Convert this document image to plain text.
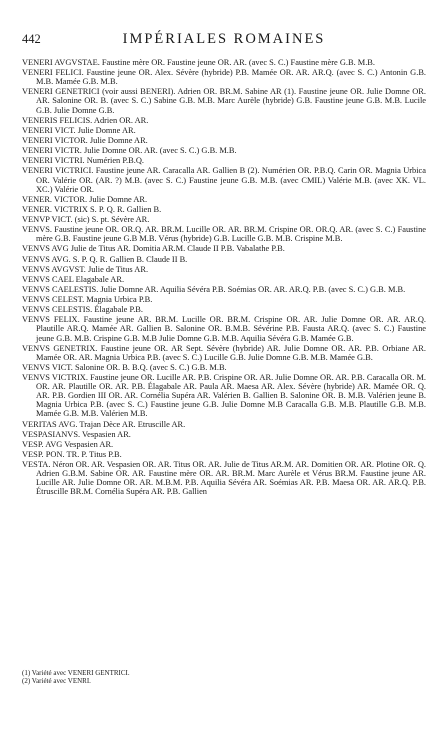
442	IMPÉRIALES ROMAINES

VENERI AVGVSTAE. Faustine mère OR. Faustine jeune OR. AR. (avec S. C.) Faustine mère G.B. M.B.

VENERI FELICI. Faustine jeune OR. Alex. Sévère (hybride) P.B. Mamée OR. AR. AR.Q. (avec S. C.) Antonin G.B. M.B. Mamée G.B. M.B.

VENERI GENETRICI (voir aussi BENERI). Adrien OR. BR.M. Sabine AR (1). Faustine jeune OR. Julie Domne OR. AR. Salonine OR. B. (avec S. C.) Sabine G.B. M.B. Marc Aurèle (hybride) G.B. Faustine jeune G.B. M.B. Lucile G.B. Julie Domne G.B.

VENERIS FELICIS. Adrien OR. AR.

VENERI VICT. Julie Domne AR.

VENERI VICTOR. Julie Domne AR.

VENERI VICTR. Julie Domne OR. AR. (avec S. C.) G.B. M.B.

VENERI VICTRI. Numérien P.B.Q.

VENERI VICTRICI. Faustine jeune AR. Caracalla AR. Gallien B (2). Numérien OR. P.B.Q. Carin OR. Magnia Urbica OR. Valérie OR. (AR. ?) M.B. (avec S. C.) Faustine jeune G.B. M.B. (avec CMIL) Valérie M.B. (avec XK. VL. XC.) Valérie OR.

VENER. VICTOR. Julie Domne AR.

VENER. VICTRIX S. P. Q. R. Gallien B.

VENVP VICT. (sic) S. pt. Sévère AR.

VENVS. Faustine jeune OR. OR.Q. AR. BR.M. Lucille OR. AR. BR.M. Crispine OR. OR.Q. AR. (avec S. C.) Faustine mère G.B. Faustine jeune G.B M.B. Vérus (hybride) G.B. Lucille G.B. M.B. Crispine M.B.

VENVS AVG Julie de Titus AR. Domitia AR.M. Claude II P.B. Vabalathe P.B.

VENVS AVG. S. P. Q. R. Gallien B. Claude II B.

VENVS AVGVST. Julie de Titus AR.

VENVS CAEL Elagabale AR.

VENVS CAELESTIS. Julie Domne AR. Aquilia Sévéra P.B. Soémias OR. AR. AR.Q. P.B. (avec S. C.) G.B. M.B.

VENVS CELEST. Magnia Urbica P.B.

VENVS CELESTIS. Élagabale P.B.

VENVS FELIX. Faustine jeune AR. BR.M. Lucille OR. BR.M. Crispine OR. AR. Julie Domne OR. AR. AR.Q. Plautille AR.Q. Mamée AR. Gallien B. Salonine OR. B.M.B. Sévérine P.B. Fausta AR.Q. (avec S. C.) Faustine jeune G.B. M.B. Crispine G.B. M.B Julie Domne G.B. M.B. Aquilia Sévéra G.B. Mamée G.B.

VENVS GENETRIX. Faustine jeune OR. AR Sept. Sévère (hybride) AR. Julie Domne OR. AR. P.B. Orbiane AR. Mamée OR. AR. Magnia Urbica P.B. (avec S. C.) Lucille G.B. Julie Domne G.B. M.B. Mamée G.B.

VENVS VICT. Salonine OR. B. B.Q. (avec S. C.) G.B. M.B.

VENVS VICTRIX. Faustine jeune OR. Lucille AR. P.B. Crispine OR. AR. Julie Domne OR. AR. P.B. Caracalla OR. M. OR. AR. Plautille OR. AR. P.B. Élagabale AR. Paula AR. Maesa AR. Alex. Sévère (hybride) AR. Mamée OR. Q. AR. P.B. Gordien III OR. AR. Cornélia Supéra AR. Valérien B. Gallien B. Salonine OR. B. M.B. Valérien jeune B. Magnia Urbica P.B. (avec S. C.) Faustine jeune G.B. Julie Domne M.B Caracalla G.B. M.B. Plautille G.B. M.B. Mamée G.B. M.B. Valérien M.B.

VERITAS AVG. Trajan Dèce AR. Etruscille AR.

VESPASIANVS. Vespasien AR.

VESP. AVG Vespasien AR.

VESP. PON. TR. P. Titus P.B.

VESTA. Néron OR. AR. Vespasien OR. AR. Titus OR. AR. Julie de Titus AR.M. AR. Domitien OR. AR. Plotine OR. Q. Adrien G.B.M. Sabine OR. AR. Faustine mère OR. AR. BR.M. Marc Aurèle et Vérus BR.M. Faustine jeune AR. Lucille AR. Julie Domne OR. AR. M.B.M. P.B. Aquilia Sévéra AR. Soémias AR. P.B. Maesa OR. AR. AR.Q. P.B. Étruscille BR.M. Cornélia Supéra AR. P.B. Gallien

(1) Variété avec VENERI GENTRICI.
(2) Variété avec VENRI.
